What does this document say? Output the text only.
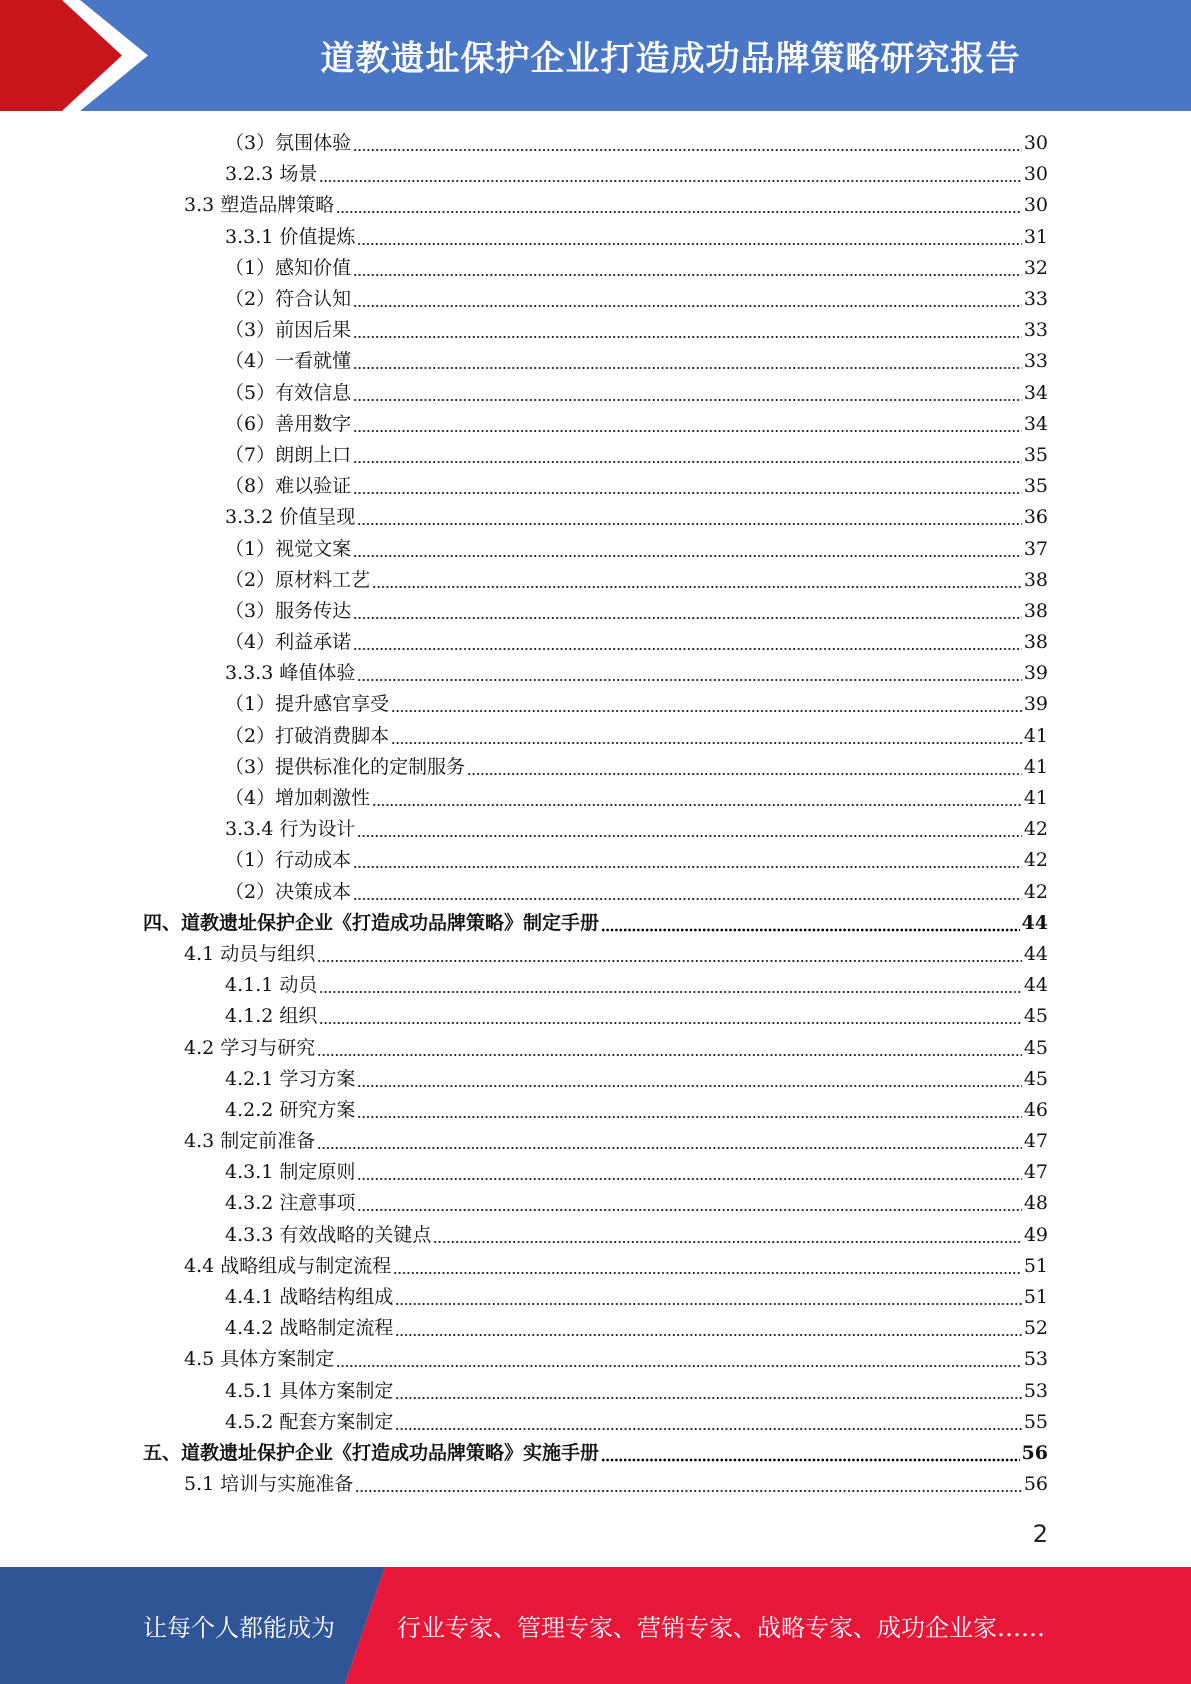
道教遗址保护企业打造成功品牌策略研究报告
（3）氛围体验	30
3.2.3 场景	30
3.3 塑造品牌策略	30
3.3.1 价值提炼	31
（1）感知价值	32
（2）符合认知	33
（3）前因后果	33
（4）一看就懂	33
（5）有效信息	34
（6）善用数字	34
（7）朗朗上口	35
（8）难以验证	35
3.3.2 价值呈现	36
（1）视觉文案	37
（2）原材料工艺	38
（3）服务传达	38
（4）利益承诺	38
3.3.3 峰值体验	39
（1）提升感官享受	39
（2）打破消费脚本	41
（3）提供标准化的定制服务	41
（4）增加刺激性	41
3.3.4 行为设计	42
（1）行动成本	42
（2）决策成本	42
四、道教遗址保护企业《打造成功品牌策略》制定手册	44
4.1 动员与组织	44
4.1.1 动员	44
4.1.2 组织	45
4.2 学习与研究	45
4.2.1 学习方案	45
4.2.2 研究方案	46
4.3 制定前准备	47
4.3.1 制定原则	47
4.3.2 注意事项	48
4.3.3 有效战略的关键点	49
4.4 战略组成与制定流程	51
4.4.1 战略结构组成	51
4.4.2 战略制定流程	52
4.5 具体方案制定	53
4.5.1 具体方案制定	53
4.5.2 配套方案制定	55
五、道教遗址保护企业《打造成功品牌策略》实施手册	56
5.1 培训与实施准备	56
2
让每个人都能成为	行业专家、管理专家、营销专家、战略专家、成功企业家……
